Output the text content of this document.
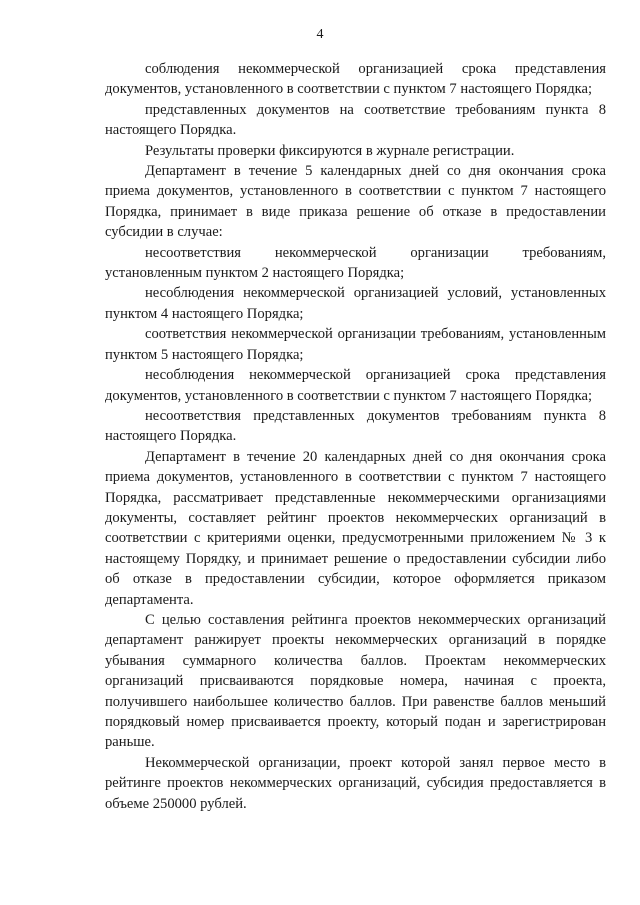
4

соблюдения некоммерческой организацией срока представления документов, установленного в соответствии с пунктом 7 настоящего Порядка;

представленных документов на соответствие требованиям пункта 8 настоящего Порядка.

Результаты проверки фиксируются в журнале регистрации.

Департамент в течение 5 календарных дней со дня окончания срока приема документов, установленного в соответствии с пунктом 7 настоящего Порядка, принимает в виде приказа решение об отказе в предоставлении субсидии в случае:

несоответствия некоммерческой организации требованиям, установленным пунктом 2 настоящего Порядка;

несоблюдения некоммерческой организацией условий, установленных пунктом 4 настоящего Порядка;

соответствия некоммерческой организации требованиям, установленным пунктом 5 настоящего Порядка;

несоблюдения некоммерческой организацией срока представления документов, установленного в соответствии с пунктом 7 настоящего Порядка;

несоответствия представленных документов требованиям пункта 8 настоящего Порядка.

Департамент в течение 20 календарных дней со дня окончания срока приема документов, установленного в соответствии с пунктом 7 настоящего Порядка, рассматривает представленные некоммерческими организациями документы, составляет рейтинг проектов некоммерческих организаций в соответствии с критериями оценки, предусмотренными приложением № 3 к настоящему Порядку, и принимает решение о предоставлении субсидии либо об отказе в предоставлении субсидии, которое оформляется приказом департамента.

С целью составления рейтинга проектов некоммерческих организаций департамент ранжирует проекты некоммерческих организаций в порядке убывания суммарного количества баллов. Проектам некоммерческих организаций присваиваются порядковые номера, начиная с проекта, получившего наибольшее количество баллов. При равенстве баллов меньший порядковый номер присваивается проекту, который подан и зарегистрирован раньше.

Некоммерческой организации, проект которой занял первое место в рейтинге проектов некоммерческих организаций, субсидия предоставляется в объеме 250000 рублей.
